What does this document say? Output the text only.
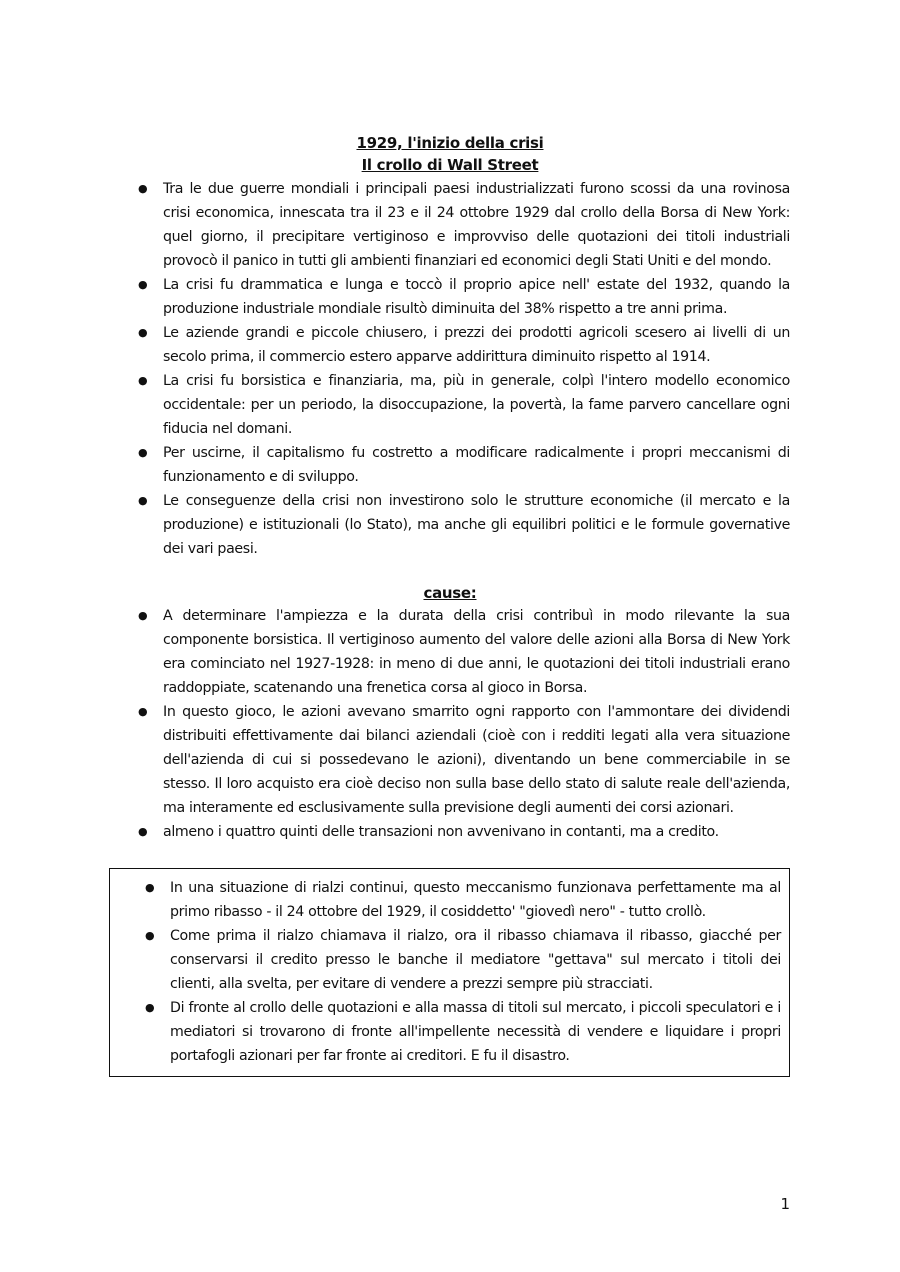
1929, l'inizio della crisi
Il crollo di Wall Street
● Tra le due guerre mondiali i principali paesi industrializzati furono scossi da una rovinosa crisi economica, innescata tra il 23 e il 24 ottobre 1929 dal crollo della Borsa di New York: quel giorno, il precipitare vertiginoso e improvviso delle quotazioni dei titoli industriali provocò il panico in tutti gli ambienti finanziari ed economici degli Stati Uniti e del mondo.
● La crisi fu drammatica e lunga e toccò il proprio apice nell' estate del 1932, quando la produzione industriale mondiale risultò diminuita del 38% rispetto a tre anni prima.
● Le aziende grandi e piccole chiusero, i prezzi dei prodotti agricoli scesero ai livelli di un secolo prima, il commercio estero apparve addirittura diminuito rispetto al 1914.
● La crisi fu borsistica e finanziaria, ma, più in generale, colpì l'intero modello economico occidentale: per un periodo, la disoccupazione, la povertà, la fame parvero cancellare ogni fiducia nel domani.
● Per uscirne, il capitalismo fu costretto a modificare radicalmente i propri meccanismi di funzionamento e di sviluppo.
● Le conseguenze della crisi non investirono solo le strutture economiche (il mercato e la produzione) e istituzionali (lo Stato), ma anche gli equilibri politici e le formule governative dei vari paesi.
cause:
● A determinare l'ampiezza e la durata della crisi contribuì in modo rilevante la sua componente borsistica. Il vertiginoso aumento del valore delle azioni alla Borsa di New York era cominciato nel 1927-1928: in meno di due anni, le quotazioni dei titoli industriali erano raddoppiate, scatenando una frenetica corsa al gioco in Borsa.
● In questo gioco, le azioni avevano smarrito ogni rapporto con l'ammontare dei dividendi distribuiti effettivamente dai bilanci aziendali (cioè con i redditi legati alla vera situazione dell'azienda di cui si possedevano le azioni), diventando un bene commerciabile in se stesso. Il loro acquisto era cioè deciso non sulla base dello stato di salute reale dell'azienda, ma interamente ed esclusivamente sulla previsione degli aumenti dei corsi azionari.
● almeno i quattro quinti delle transazioni non avvenivano in contanti, ma a credito.
● In una situazione di rialzi continui, questo meccanismo funzionava perfettamente ma al primo ribasso - il 24 ottobre del 1929, il cosiddetto' "giovedì nero" - tutto crollò.
● Come prima il rialzo chiamava il rialzo, ora il ribasso chiamava il ribasso, giacché per conservarsi il credito presso le banche il mediatore "gettava" sul mercato i titoli dei clienti, alla svelta, per evitare di vendere a prezzi sempre più stracciati.
● Di fronte al crollo delle quotazioni e alla massa di titoli sul mercato, i piccoli speculatori e i mediatori si trovarono di fronte all'impellente necessità di vendere e liquidare i propri portafogli azionari per far fronte ai creditori. E fu il disastro.
1
